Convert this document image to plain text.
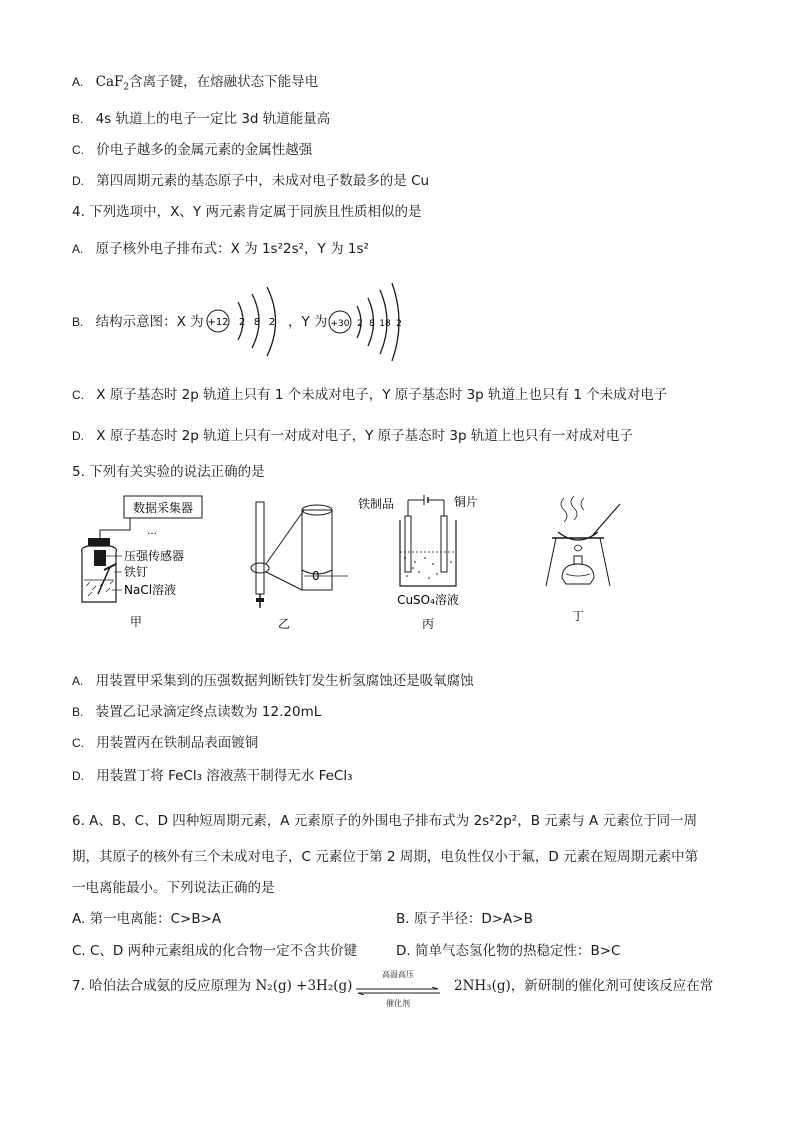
A. CaF$_2$含离子键，在熔融状态下能导电
B. 4s 轨道上的电子一定比 3d 轨道能量高
C. 价电子越多的金属元素的金属性越强
D. 第四周期元素的基态原子中，未成对电子数最多的是 Cu
4. 下列选项中，X、Y 两元素肯定属于同族且性质相似的是
A. 原子核外电子排布式：X 为 1s²2s²，Y 为 1s²
B. 结构示意图：X 为 +12 2 8 2 ，Y 为 +30 2 8 18 2
C. X 原子基态时 2p 轨道上只有 1 个未成对电子，Y 原子基态时 3p 轨道上也只有 1 个未成对电子
D. X 原子基态时 2p 轨道上只有一对成对电子，Y 原子基态时 3p 轨道上也只有一对成对电子
5. 下列有关实验的说法正确的是
数据采集器
…
压强传感器
铁钉
NaCl溶液
甲
0
乙
铁制品	铜片
CuSO₄溶液
丙
丁
A. 用装置甲采集到的压强数据判断铁钉发生析氢腐蚀还是吸氧腐蚀
B. 装置乙记录滴定终点读数为 12.20mL
C. 用装置丙在铁制品表面镀铜
D. 用装置丁将 FeCl₃ 溶液蒸干制得无水 FeCl₃
6. A、B、C、D 四种短周期元素，A 元素原子的外围电子排布式为 2s²2p²，B 元素与 A 元素位于同一周
期，其原子的核外有三个未成对电子，C 元素位于第 2 周期，电负性仅小于氟，D 元素在短周期元素中第
一电离能最小。下列说法正确的是
A. 第一电离能：C>B>A	B. 原子半径：D>A>B
C. C、D 两种元素组成的化合物一定不含共价键	D. 简单气态氢化物的热稳定性：B>C
7. 哈伯法合成氨的反应原理为 N₂(g) +3H₂(g)
高温高压
催化剂
2NH₃(g)，新研制的催化剂可使该反应在常
